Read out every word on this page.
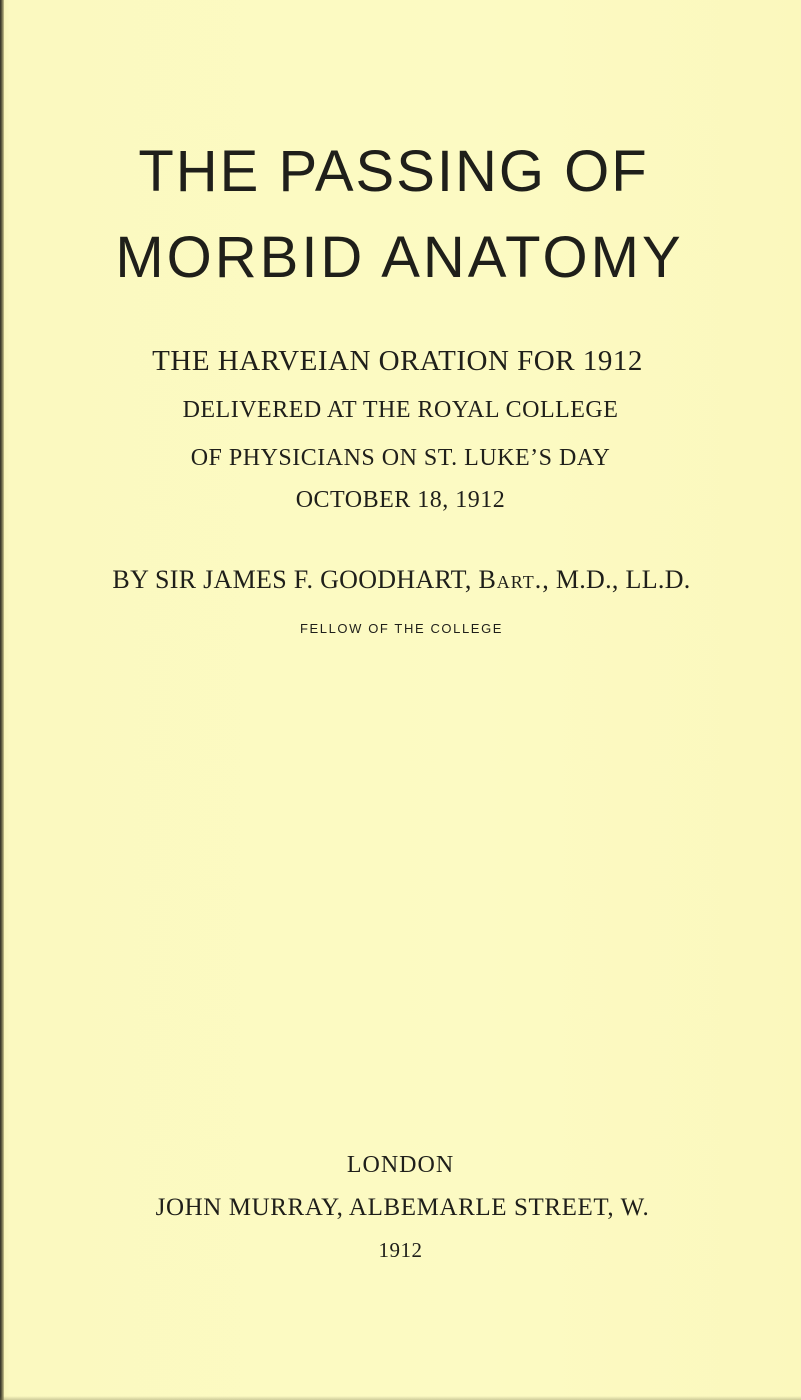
THE PASSING OF
MORBID ANATOMY
THE HARVEIAN ORATION FOR 1912
DELIVERED AT THE ROYAL COLLEGE
OF PHYSICIANS ON ST. LUKE’S DAY
OCTOBER 18, 1912
BY SIR JAMES F. GOODHART, Bart., M.D., LL.D.
FELLOW OF THE COLLEGE
LONDON
JOHN MURRAY, ALBEMARLE STREET, W.
1912
